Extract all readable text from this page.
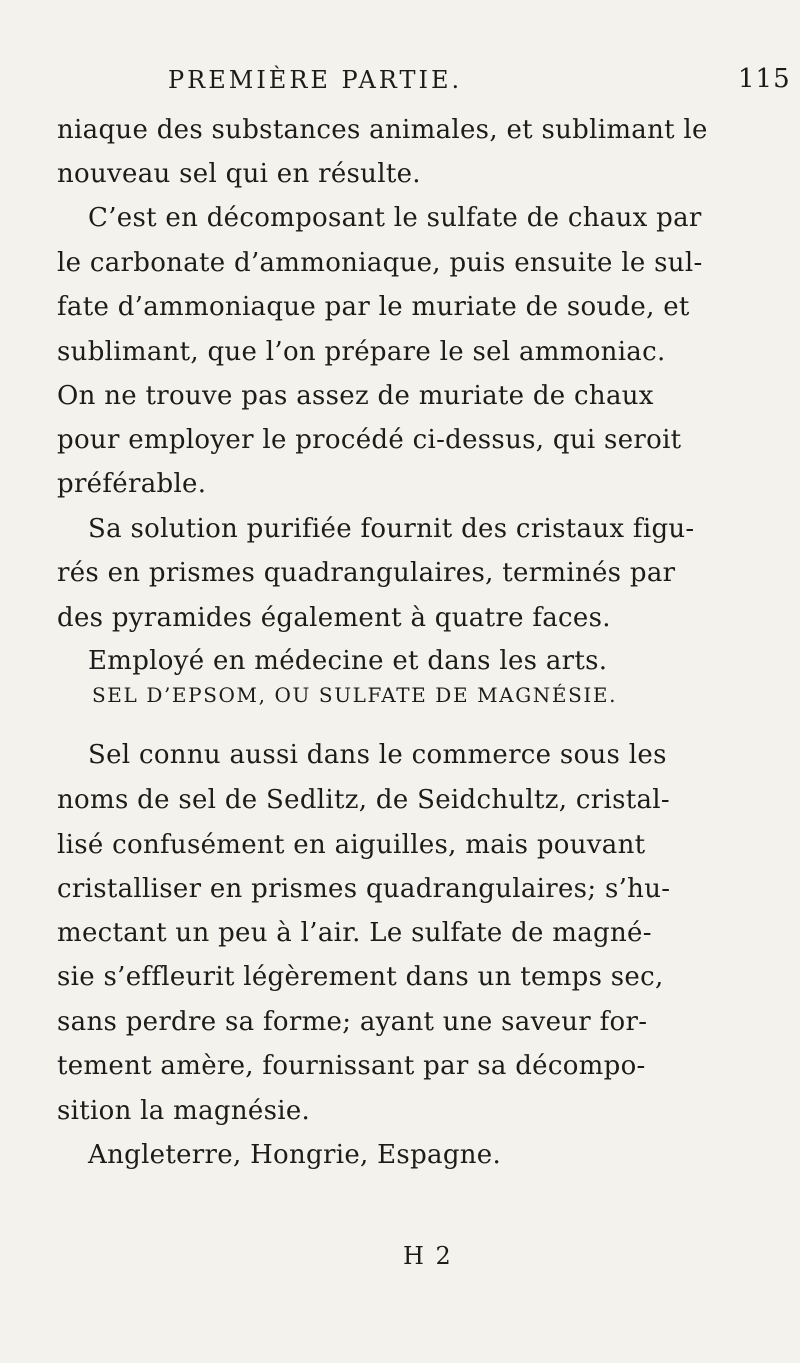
PREMIÈRE PARTIE.	115
niaque des substances animales, et sublimant le
nouveau sel qui en résulte.
C’est en décomposant le sulfate de chaux par
le carbonate d’ammoniaque, puis ensuite le sul-
fate d’ammoniaque par le muriate de soude, et
sublimant, que l’on prépare le sel ammoniac.
On ne trouve pas assez de muriate de chaux
pour employer le procédé ci-dessus, qui seroit
préférable.
Sa solution purifiée fournit des cristaux figu-
rés en prismes quadrangulaires, terminés par
des pyramides également à quatre faces.
Employé en médecine et dans les arts.
SEL D’EPSOM, OU SULFATE DE MAGNÉSIE.
Sel connu aussi dans le commerce sous les
noms de sel de Sedlitz, de Seidchultz, cristal-
lisé confusément en aiguilles, mais pouvant
cristalliser en prismes quadrangulaires; s’hu-
mectant un peu à l’air. Le sulfate de magné-
sie s’effleurit légèrement dans un temps sec,
sans perdre sa forme; ayant une saveur for-
tement amère, fournissant par sa décompo-
sition la magnésie.
Angleterre, Hongrie, Espagne.
H 2
